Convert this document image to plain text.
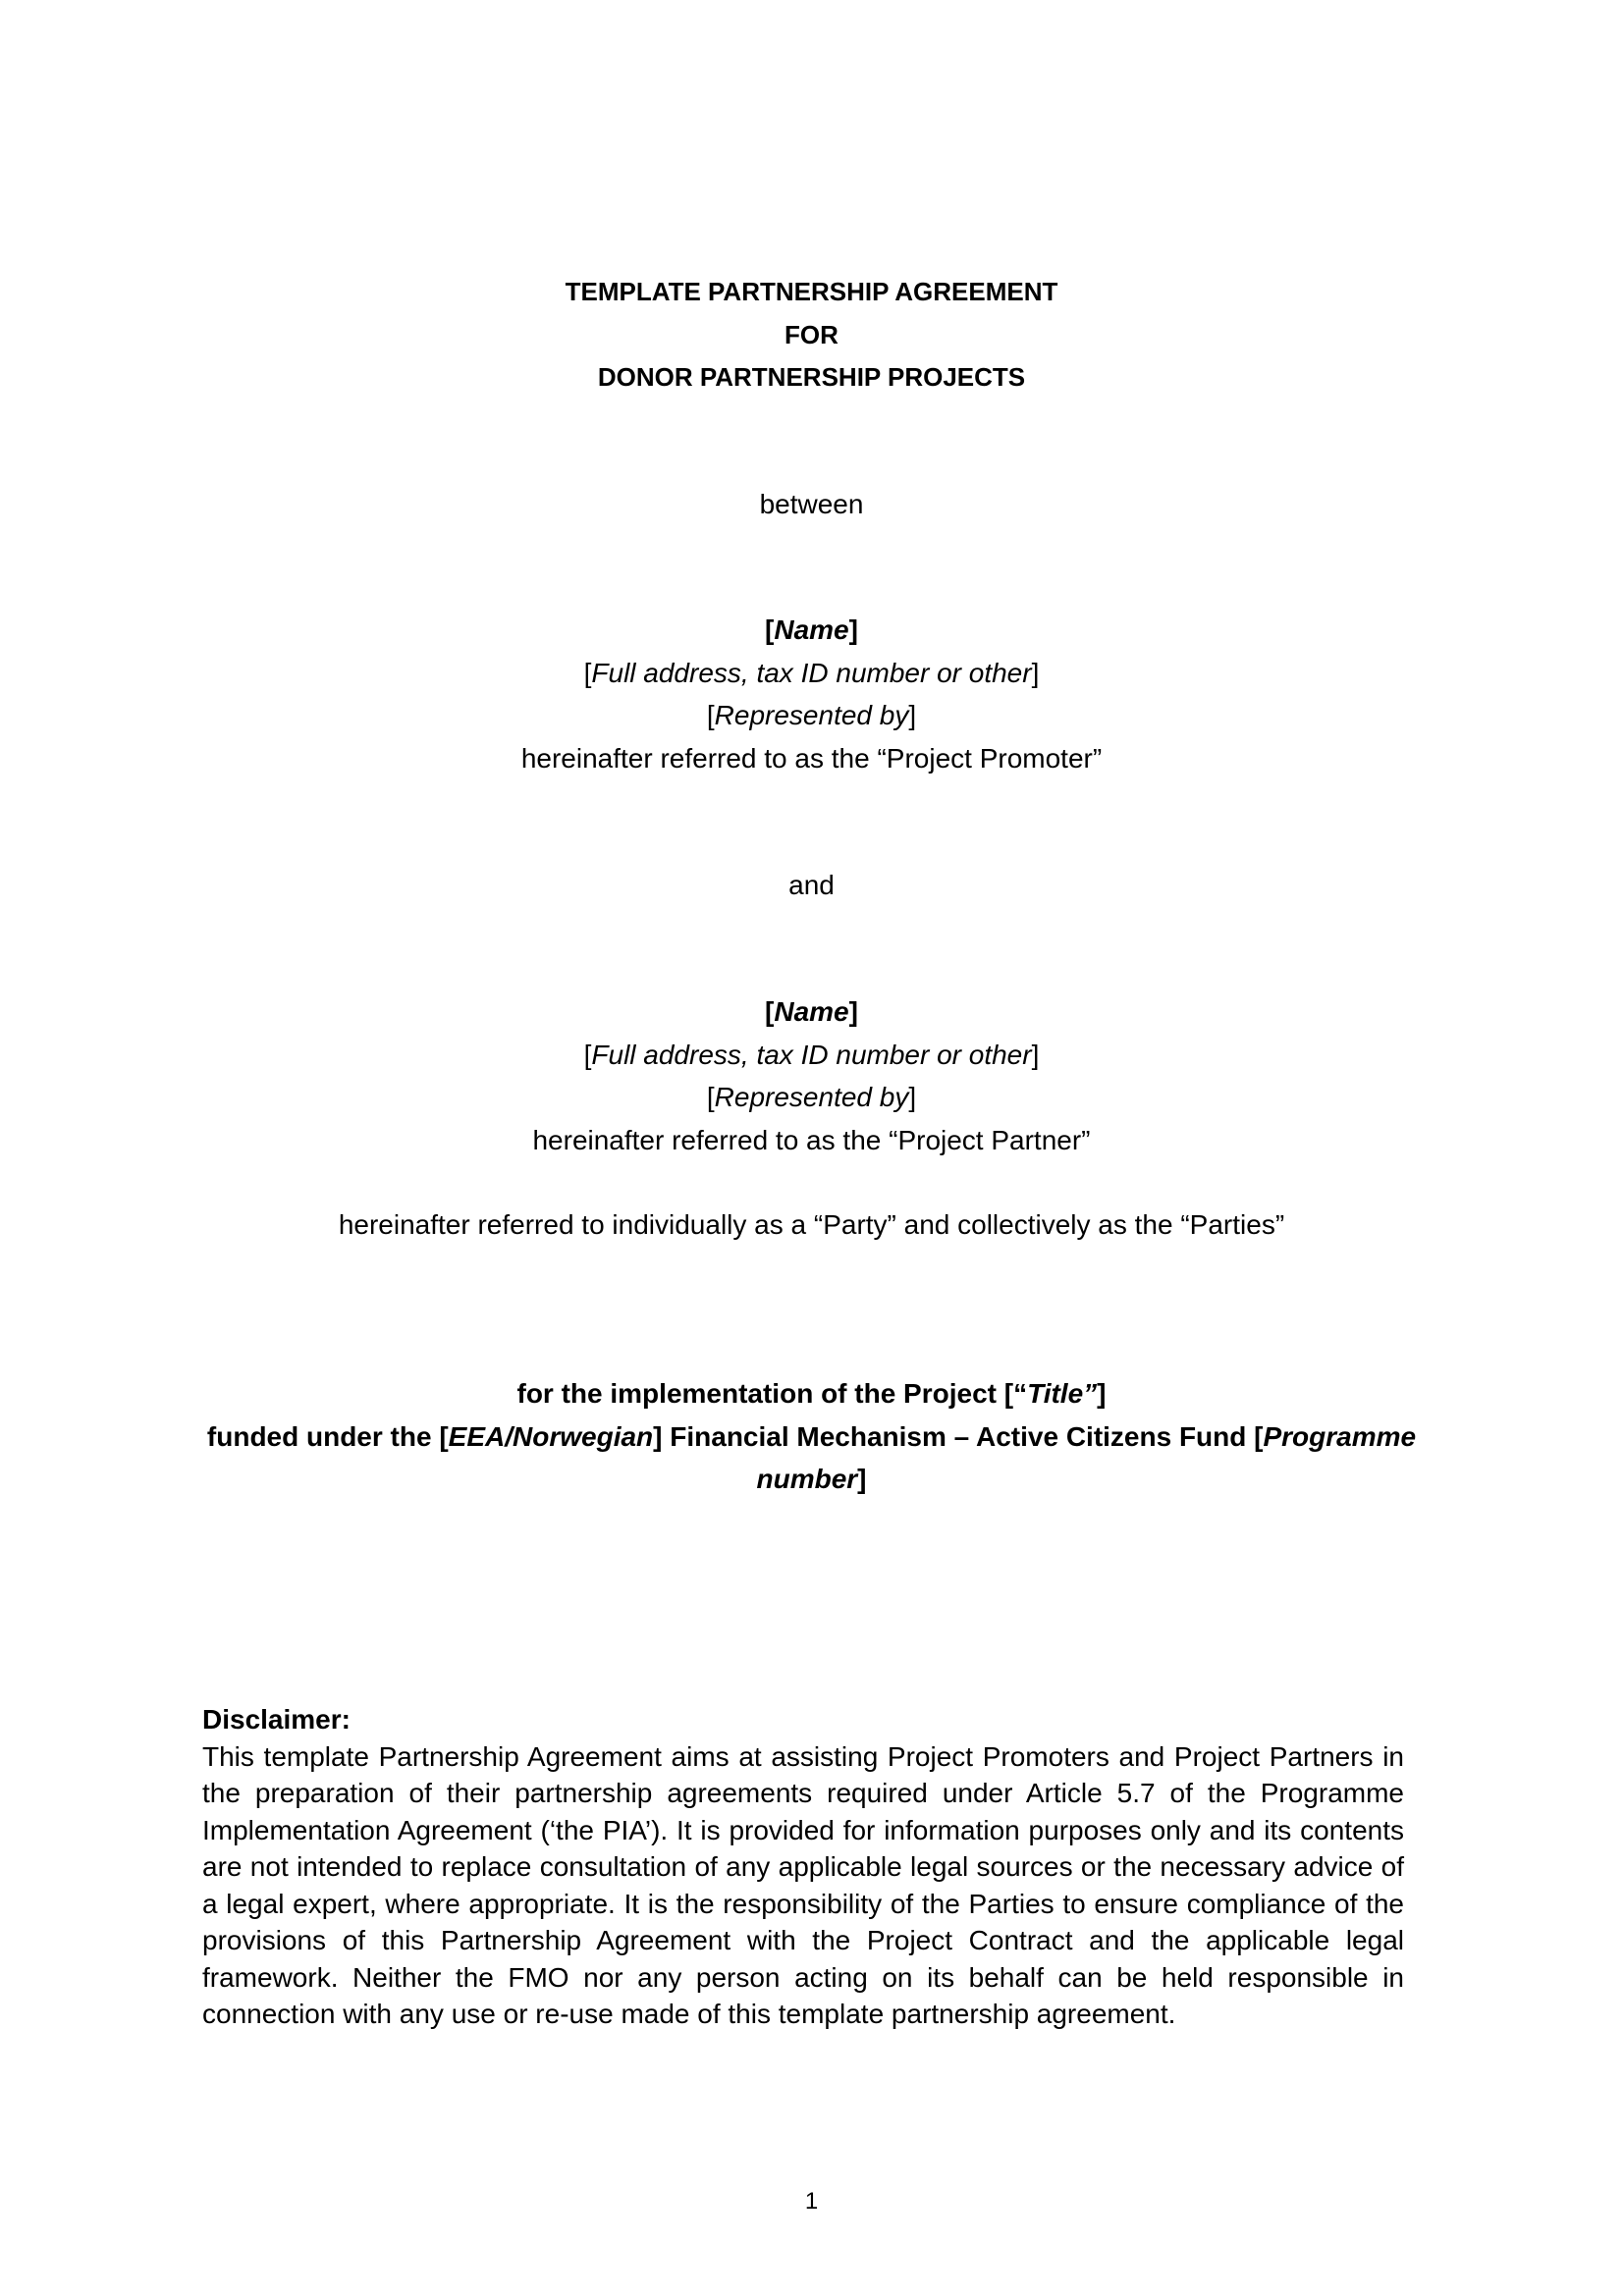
TEMPLATE PARTNERSHIP AGREEMENT
FOR
DONOR PARTNERSHIP PROJECTS
between
[Name]
[Full address, tax ID number or other]
[Represented by]
hereinafter referred to as the “Project Promoter”
and
[Name]
[Full address, tax ID number or other]
[Represented by]
hereinafter referred to as the “Project Partner”
hereinafter referred to individually as a “Party” and collectively as the “Parties”
for the implementation of the Project [“Title”]
funded under the [EEA/Norwegian] Financial Mechanism – Active Citizens Fund [Programme number]
Disclaimer:
This template Partnership Agreement aims at assisting Project Promoters and Project Partners in the preparation of their partnership agreements required under Article 5.7 of the Programme Implementation Agreement (‘the PIA’). It is provided for information purposes only and its contents are not intended to replace consultation of any applicable legal sources or the necessary advice of a legal expert, where appropriate. It is the responsibility of the Parties to ensure compliance of the provisions of this Partnership Agreement with the Project Contract and the applicable legal framework. Neither the FMO nor any person acting on its behalf can be held responsible in connection with any use or re-use made of this template partnership agreement.
1
